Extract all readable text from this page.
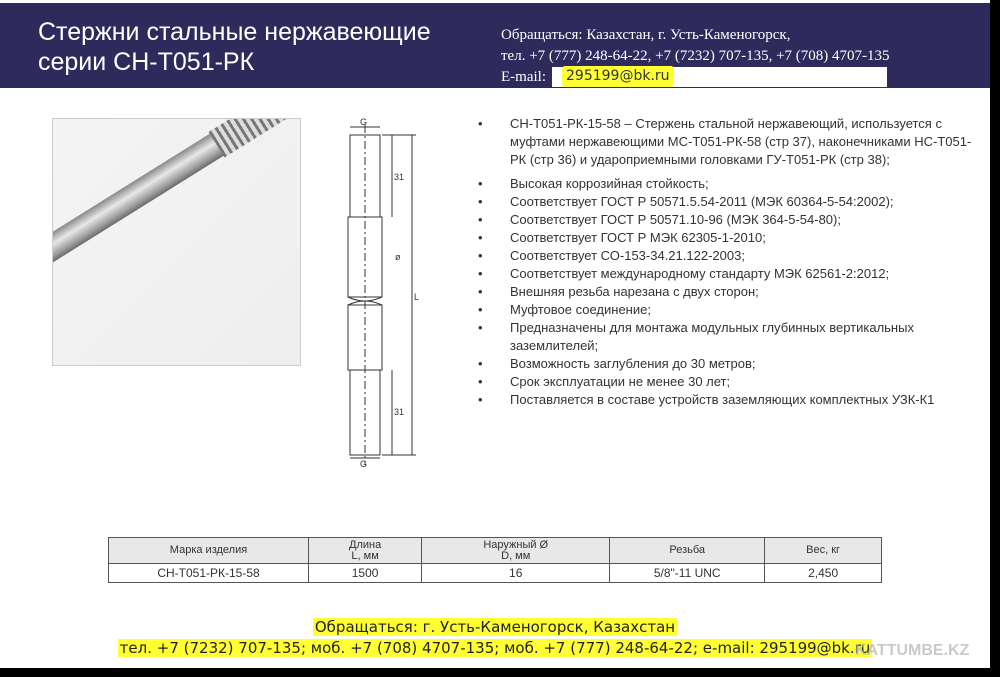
Стержни стальные нержавеющие
серии СН-Т051-РК
Обращаться: Казахстан, г. Усть-Каменогорск,
тел. +7 (777) 248-64-22, +7 (7232) 707-135, +7 (708) 4707-135
E-mail: 295199@bk.ru
G
G
31
31
ø
L
• СН-Т051-РК-15-58 – Стержень стальной нержавеющий, используется с муфтами нержавеющими МС-Т051-РК-58 (стр 37), наконечниками НС-Т051-РК (стр 36) и удароприемными головками ГУ-Т051-РК (стр 38);
• Высокая коррозийная стойкость;
• Соответствует ГОСТ Р 50571.5.54-2011 (МЭК 60364-5-54:2002);
• Соответствует ГОСТ Р 50571.10-96 (МЭК 364-5-54-80);
• Соответствует ГОСТ Р МЭК 62305-1-2010;
• Соответствует СО-153-34.21.122-2003;
• Соответствует международному стандарту МЭК 62561-2:2012;
• Внешняя резьба нарезана с двух сторон;
• Муфтовое соединение;
• Предназначены для монтажа модульных глубинных вертикальных заземлителей;
• Возможность заглубления до 30 метров;
• Срок эксплуатации не менее 30 лет;
• Поставляется в составе устройств заземляющих комплектных УЗК-К1
Марка изделия	Длина L, мм	Наружный Ø D, мм	Резьба	Вес, кг
СН-Т051-РК-15-58	1500	16	5/8"-11 UNC	2,450
Обращаться: г. Усть-Каменогорск, Казахстан
тел. +7 (7232) 707-135; моб. +7 (708) 4707-135; моб. +7 (777) 248-64-22; e-mail: 295199@bk.ru
KATTUMBE.KZ
